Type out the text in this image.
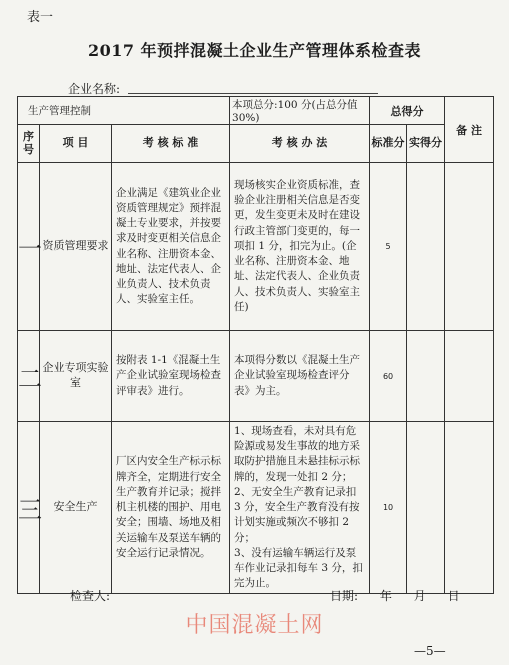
表一
2017 年预拌混凝土企业生产管理体系检查表
企业名称:
生产管理控制			本项总分:100 分(占总分值 30%)	总得分		备 注
序号	项 目	考 核 标 准	考 核 办 法	标准分	实得分	
一	资质管理要求	企业满足《建筑业企业资质管理规定》预拌混凝土专业要求，并按要求及时变更相关信息企业名称、注册资本金、地址、法定代表人、企业负责人、技术负责人、实验室主任。	现场核实企业资质标准，查验企业注册相关信息是否变更，发生变更未及时在建设行政主管部门变更的，每一项扣 1 分，扣完为止。(企业名称、注册资本金、地址、法定代表人、企业负责人、技术负责人、实验室主任)	5		
二	企业专项实验室	按附表 1-1《混凝土生产企业试验室现场检查评审表》进行。	本项得分数以《混凝土生产企业试验室现场检查评分表》为主。	60		
三	安全生产	厂区内安全生产标示标牌齐全，定期进行安全生产教育并记录；搅拌机主机楼的围护、用电安全；围墙、场地及相关运输车及泵送车辆的安全运行记录情况。	1、现场查看，未对具有危险源或易发生事故的地方采取防护措施且未悬挂标示标牌的，发现一处扣 2 分；
2、无安全生产教育记录扣 3 分，安全生产教育没有按计划实施或频次不够扣 2 分；
3、没有运输车辆运行及泵车作业记录扣每车 3 分，扣完为止。	10		
检查人:	日期: 年 月 日
中国混凝土网
—5—
